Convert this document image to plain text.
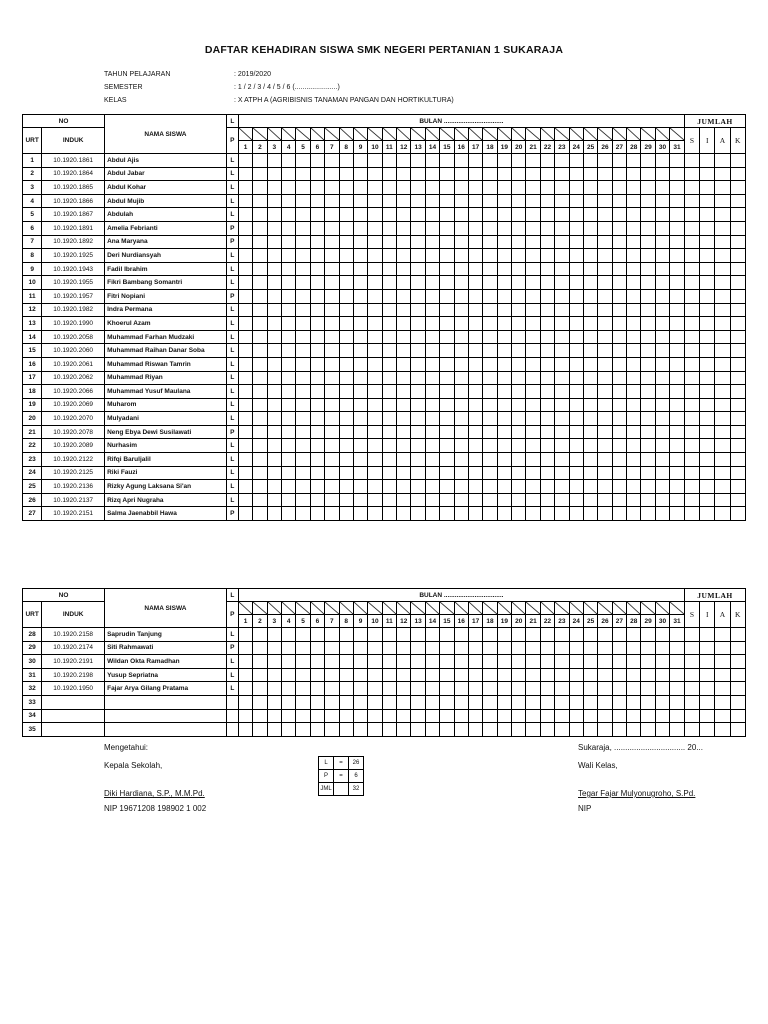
DAFTAR KEHADIRAN SISWA SMK NEGERI PERTANIAN 1 SUKARAJA
TAHUN PELAJARAN	: 2019/2020
SEMESTER	: 1 / 2 / 3 / 4 / 5 / 6 (......................)
KELAS	: X ATPH A (AGRIBISNIS TANAMAN PANGAN DAN HORTIKULTURA)
NO		NAMA SISWA	L	BULAN .................................																															JUMLAH			
URT	INDUK		P																																S	I	A	K
				1	2	3	4	5	6	7	8	9	10	11	12	13	14	15	16	17	18	19	20	21	22	23	24	25	26	27	28	29	30	31				
1	10.1920.1861	Abdul Ajis	L																																			
2	10.1920.1864	Abdul Jabar	L																																			
3	10.1920.1865	Abdul Kohar	L																																			
4	10.1920.1866	Abdul Mujib	L																																			
5	10.1920.1867	Abdulah	L																																			
6	10.1920.1891	Amelia Febrianti	P																																			
7	10.1920.1892	Ana Maryana	P																																			
8	10.1920.1925	Deri Nurdiansyah	L																																			
9	10.1920.1943	Fadil Ibrahim	L																																			
10	10.1920.1955	Fikri Bambang Somantri	L																																			
11	10.1920.1957	Fitri Nopiani	P																																			
12	10.1920.1982	Indra Permana	L																																			
13	10.1920.1990	Khoerul Azam	L																																			
14	10.1920.2058	Muhammad Farhan Mudzaki	L																																			
15	10.1920.2060	Muhammad Raihan Danar Soba	L																																			
16	10.1920.2061	Muhammad Riswan Tamrin	L																																			
17	10.1920.2062	Muhammad Riyan	L																																			
18	10.1920.2066	Muhammad Yusuf Maulana	L																																			
19	10.1920.2069	Muharom	L																																			
20	10.1920.2070	Mulyadani	L																																			
21	10.1920.2078	Neng Ebya Dewi Susilawati	P																																			
22	10.1920.2089	Nurhasim	L																																			
23	10.1920.2122	Rifqi Baruljalil	L																																			
24	10.1920.2125	Riki Fauzi	L																																			
25	10.1920.2136	Rizky Agung Laksana Si'an	L																																			
26	10.1920.2137	Rizq Apri Nugraha	L																																			
27	10.1920.2151	Salma Jaenabbil Hawa	P																																			
NO		NAMA SISWA	L	BULAN .................................																															JUMLAH			
URT	INDUK		P																																S	I	A	K
				1	2	3	4	5	6	7	8	9	10	11	12	13	14	15	16	17	18	19	20	21	22	23	24	25	26	27	28	29	30	31				
28	10.1920.2158	Saprudin Tanjung	L																																			
29	10.1920.2174	Siti Rahmawati	P																																			
30	10.1920.2191	Wildan Okta Ramadhan	L																																			
31	10.1920.2198	Yusup Sepriatna	L																																			
32	10.1920.1950	Fajar Arya Gilang Pratama	L																																			
33																																						
34																																						
35																																						
Mengetahui:
Kepala Sekolah,
Diki Hardiana, S.P., M.M.Pd.
NIP 19671208 198902 1 002
L	=	26
P	=	6
JML		32
Sukaraja, ................................ 20...
Wali Kelas,
Tegar Fajar Mulyonugroho, S.Pd.
NIP
